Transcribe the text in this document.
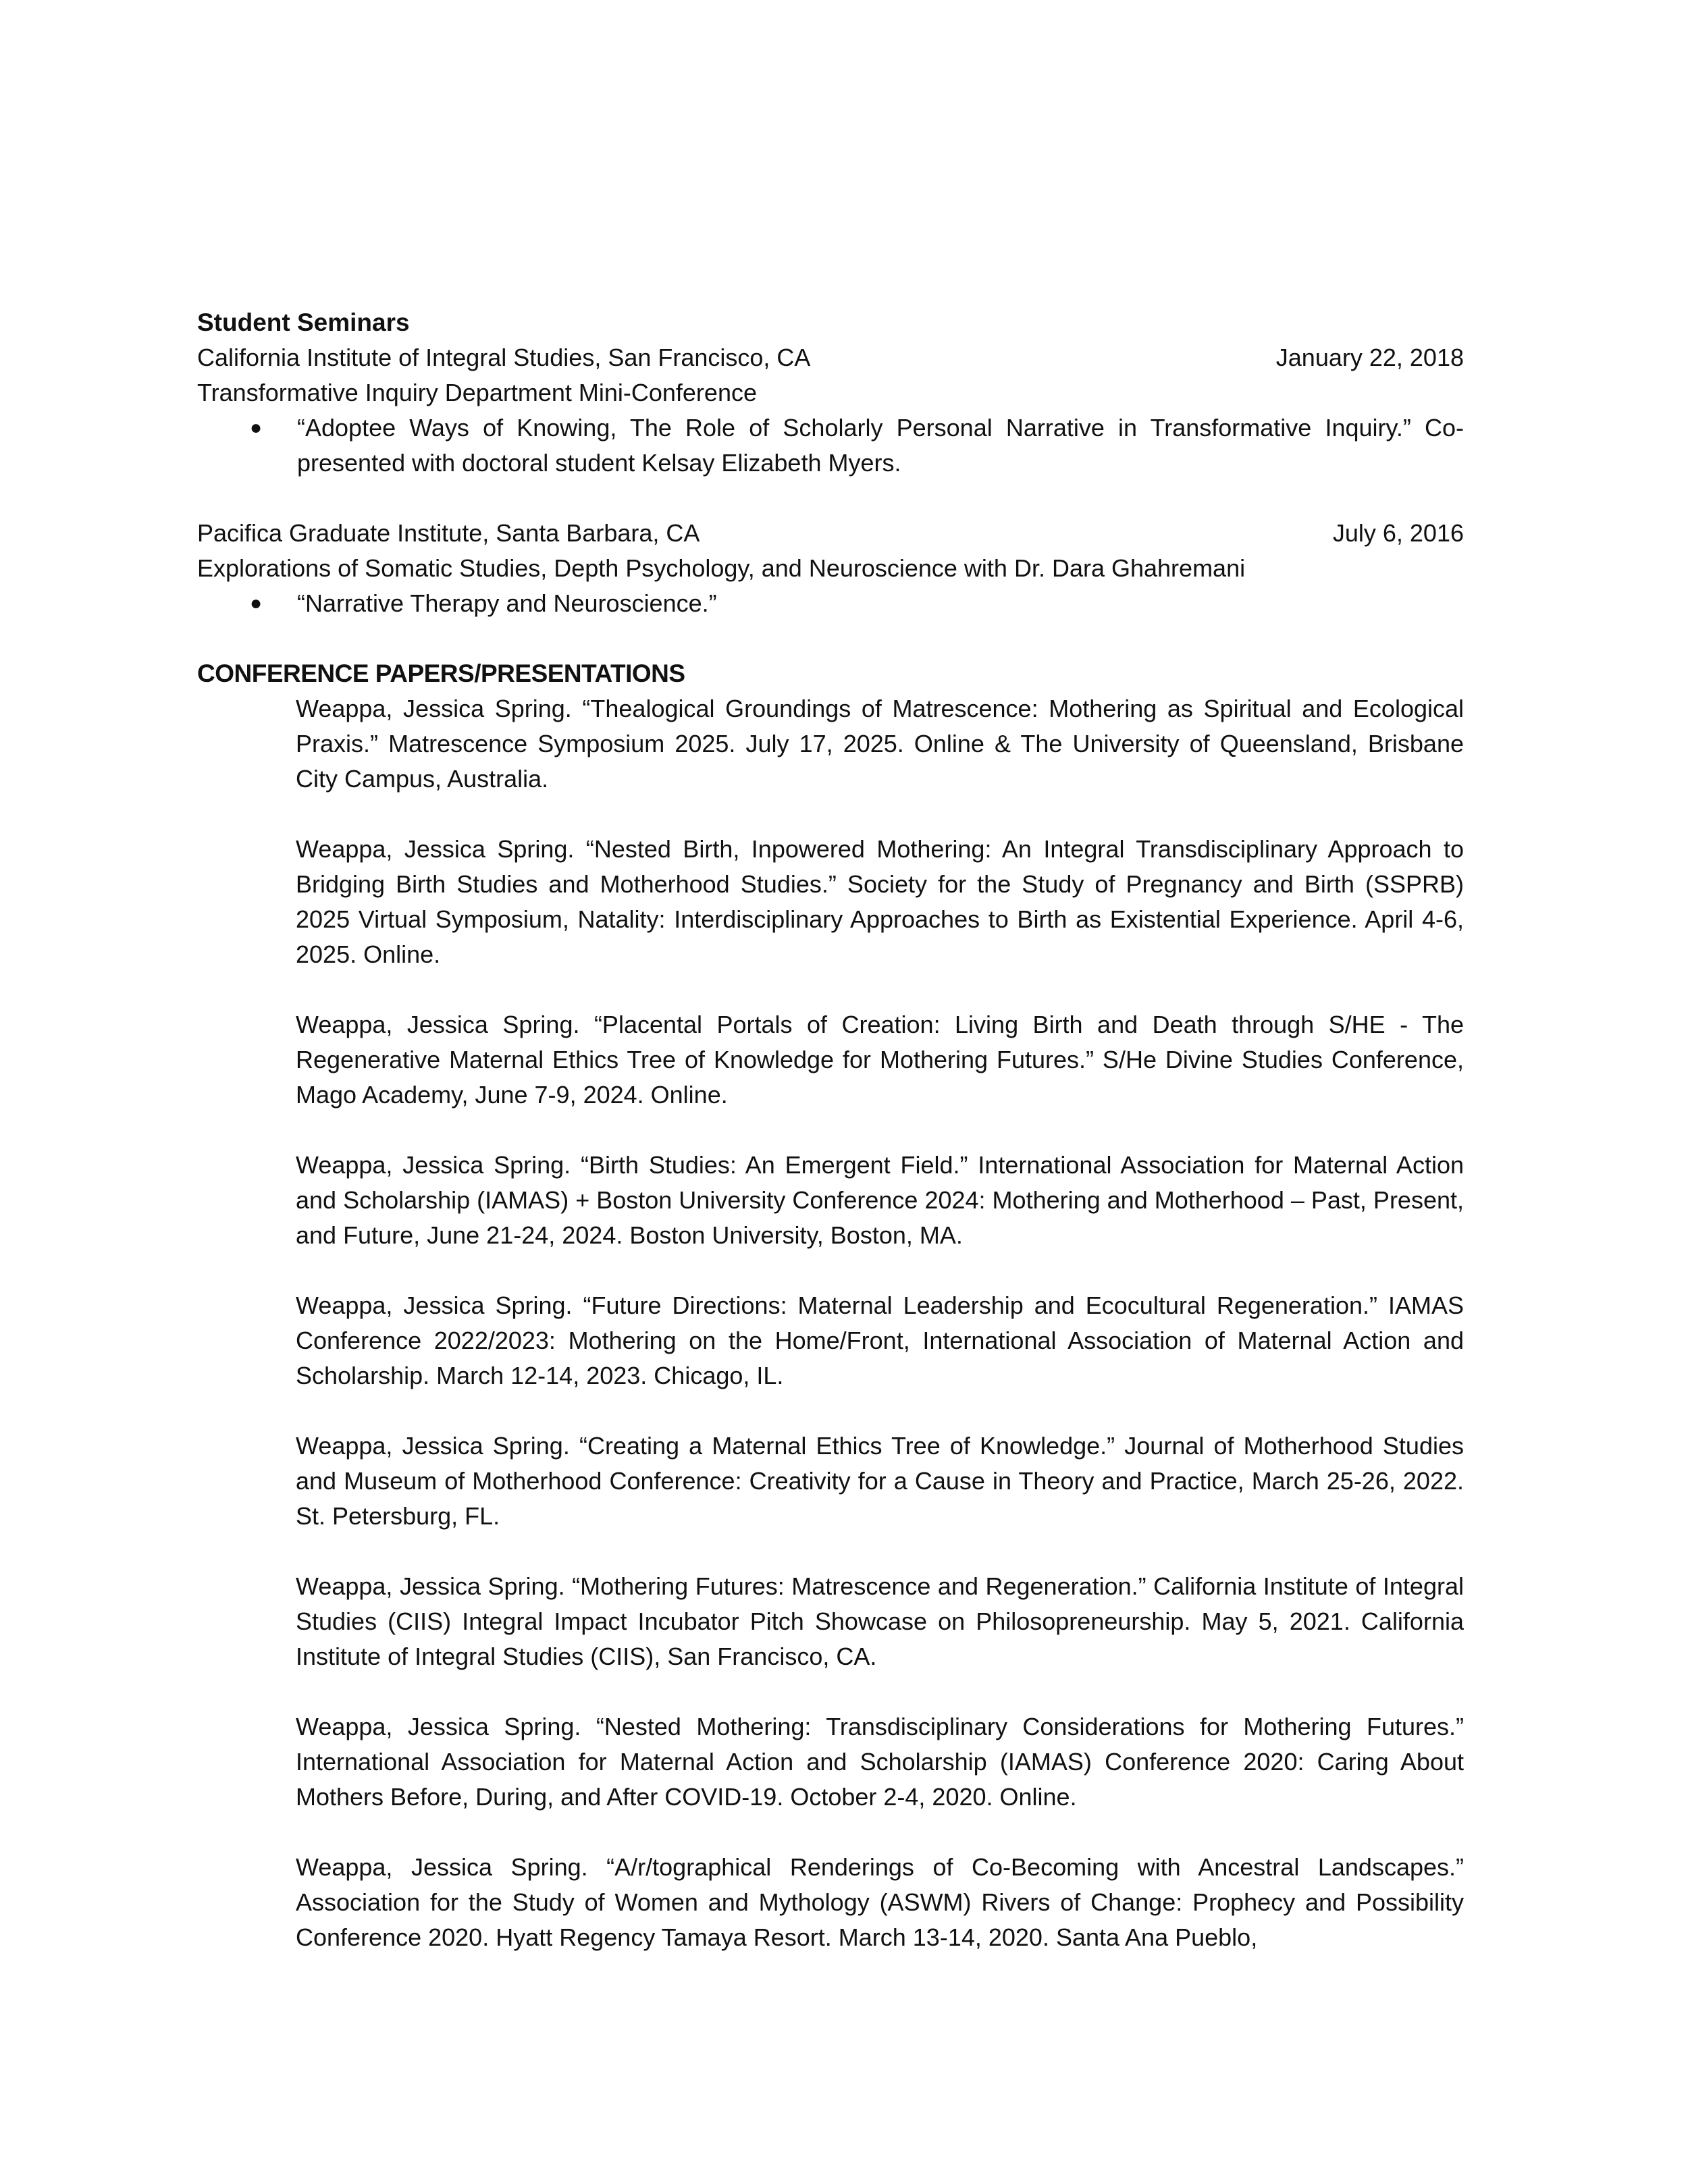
Student Seminars
California Institute of Integral Studies, San Francisco, CA	January 22, 2018
Transformative Inquiry Department Mini-Conference
● “Adoptee Ways of Knowing, The Role of Scholarly Personal Narrative in Transformative Inquiry.” Co-presented with doctoral student Kelsay Elizabeth Myers.
Pacifica Graduate Institute, Santa Barbara, CA	July 6, 2016
Explorations of Somatic Studies, Depth Psychology, and Neuroscience with Dr. Dara Ghahremani
● “Narrative Therapy and Neuroscience.”
CONFERENCE PAPERS/PRESENTATIONS
Weappa, Jessica Spring. “Thealogical Groundings of Matrescence: Mothering as Spiritual and Ecological Praxis.” Matrescence Symposium 2025. July 17, 2025. Online & The University of Queensland, Brisbane City Campus, Australia.
Weappa, Jessica Spring. “Nested Birth, Inpowered Mothering: An Integral Transdisciplinary Approach to Bridging Birth Studies and Motherhood Studies.” Society for the Study of Pregnancy and Birth (SSPRB) 2025 Virtual Symposium, Natality: Interdisciplinary Approaches to Birth as Existential Experience. April 4-6, 2025. Online.
Weappa, Jessica Spring. “Placental Portals of Creation: Living Birth and Death through S/HE - The Regenerative Maternal Ethics Tree of Knowledge for Mothering Futures.” S/He Divine Studies Conference, Mago Academy, June 7-9, 2024. Online.
Weappa, Jessica Spring. “Birth Studies: An Emergent Field.” International Association for Maternal Action and Scholarship (IAMAS) + Boston University Conference 2024: Mothering and Motherhood – Past, Present, and Future, June 21-24, 2024. Boston University, Boston, MA.
Weappa, Jessica Spring. “Future Directions: Maternal Leadership and Ecocultural Regeneration.” IAMAS Conference 2022/2023: Mothering on the Home/Front, International Association of Maternal Action and Scholarship. March 12-14, 2023. Chicago, IL.
Weappa, Jessica Spring. “Creating a Maternal Ethics Tree of Knowledge.” Journal of Motherhood Studies and Museum of Motherhood Conference: Creativity for a Cause in Theory and Practice, March 25-26, 2022. St. Petersburg, FL.
Weappa, Jessica Spring. “Mothering Futures: Matrescence and Regeneration.” California Institute of Integral Studies (CIIS) Integral Impact Incubator Pitch Showcase on Philosopreneurship. May 5, 2021. California Institute of Integral Studies (CIIS), San Francisco, CA.
Weappa, Jessica Spring. “Nested Mothering: Transdisciplinary Considerations for Mothering Futures.” International Association for Maternal Action and Scholarship (IAMAS) Conference 2020: Caring About Mothers Before, During, and After COVID-19. October 2-4, 2020. Online.
Weappa, Jessica Spring. “A/r/tographical Renderings of Co-Becoming with Ancestral Landscapes.” Association for the Study of Women and Mythology (ASWM) Rivers of Change: Prophecy and Possibility Conference 2020. Hyatt Regency Tamaya Resort. March 13-14, 2020. Santa Ana Pueblo,
